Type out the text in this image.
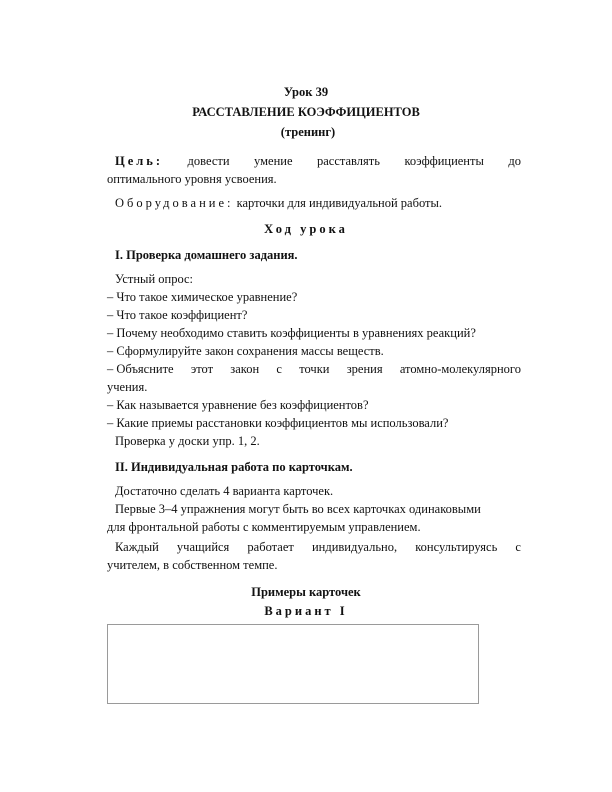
Урок 39
РАССТАВЛЕНИЕ КОЭФФИЦИЕНТОВ
(тренинг)
Цель: довести умение расставлять коэффициенты до
оптимального уровня усвоения.
Оборудование: карточки для индивидуальной работы.
Ход урока
I. Проверка домашнего задания.
Устный опрос:
– Что такое химическое уравнение?
– Что такое коэффициент?
– Почему необходимо ставить коэффициенты в уравнениях реакций?
– Сформулируйте закон сохранения массы веществ.
– Объясните этот закон с точки зрения атомно-молекулярного
учения.
– Как называется уравнение без коэффициентов?
– Какие приемы расстановки коэффициентов мы использовали?
Проверка у доски упр. 1, 2.
II. Индивидуальная работа по карточкам.
Достаточно сделать 4 варианта карточек.
Первые 3–4 упражнения могут быть во всех карточках одинаковыми
для фронтальной работы с комментируемым управлением.
Каждый учащийся работает индивидуально, консультируясь с
учителем, в собственном темпе.
Примеры карточек
Вариант I
